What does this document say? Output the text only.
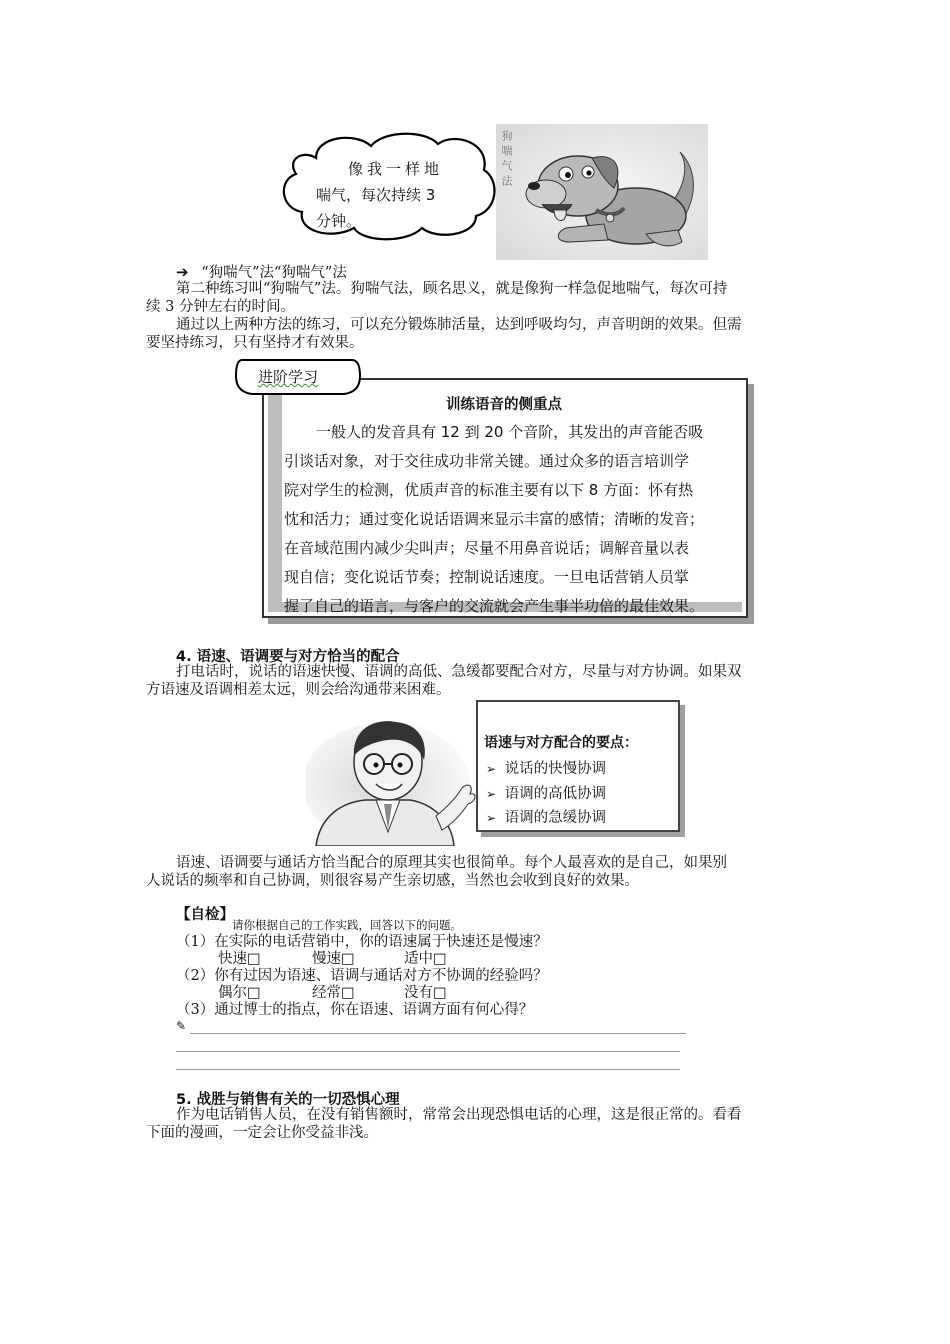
像我一样地
喘气，每次持续 3
分钟。
狗喘气法
➔ “狗喘气”法“狗喘气”法
第二种练习叫“狗喘气”法。狗喘气法，顾名思义，就是像狗一样急促地喘气，每次可持
续 3 分钟左右的时间。
通过以上两种方法的练习，可以充分锻炼肺活量，达到呼吸均匀，声音明朗的效果。但需
要坚持练习，只有坚持才有效果。
进阶学习
训练语音的侧重点
一般人的发音具有 12 到 20 个音阶，其发出的声音能否吸
引谈话对象，对于交往成功非常关键。通过众多的语言培训学
院对学生的检测，优质声音的标准主要有以下 8 方面：怀有热
忱和活力；通过变化说话语调来显示丰富的感情；清晰的发音；
在音域范围内减少尖叫声；尽量不用鼻音说话；调解音量以表
现自信；变化说话节奏；控制说话速度。一旦电话营销人员掌
握了自己的语言，与客户的交流就会产生事半功倍的最佳效果。
4. 语速、语调要与对方恰当的配合
打电话时，说话的语速快慢、语调的高低、急缓都要配合对方，尽量与对方协调。如果双
方语速及语调相差太远，则会给沟通带来困难。
语速与对方配合的要点：
➢ 说话的快慢协调
➢ 语调的高低协调
➢ 语调的急缓协调
语速、语调要与通话方恰当配合的原理其实也很简单。每个人最喜欢的是自己，如果别
人说话的频率和自己协调，则很容易产生亲切感，当然也会收到良好的效果。
【自检】
请你根据自己的工作实践，回答以下的问题。
（1）在实际的电话营销中，你的语速属于快速还是慢速？
快速□	慢速□	适中□
（2）你有过因为语速、语调与通话对方不协调的经验吗？
偶尔□	经常□	没有□
（3）通过博士的指点，你在语速、语调方面有何心得？
✎
5. 战胜与销售有关的一切恐惧心理
作为电话销售人员，在没有销售额时，常常会出现恐惧电话的心理，这是很正常的。看看
下面的漫画，一定会让你受益非浅。
